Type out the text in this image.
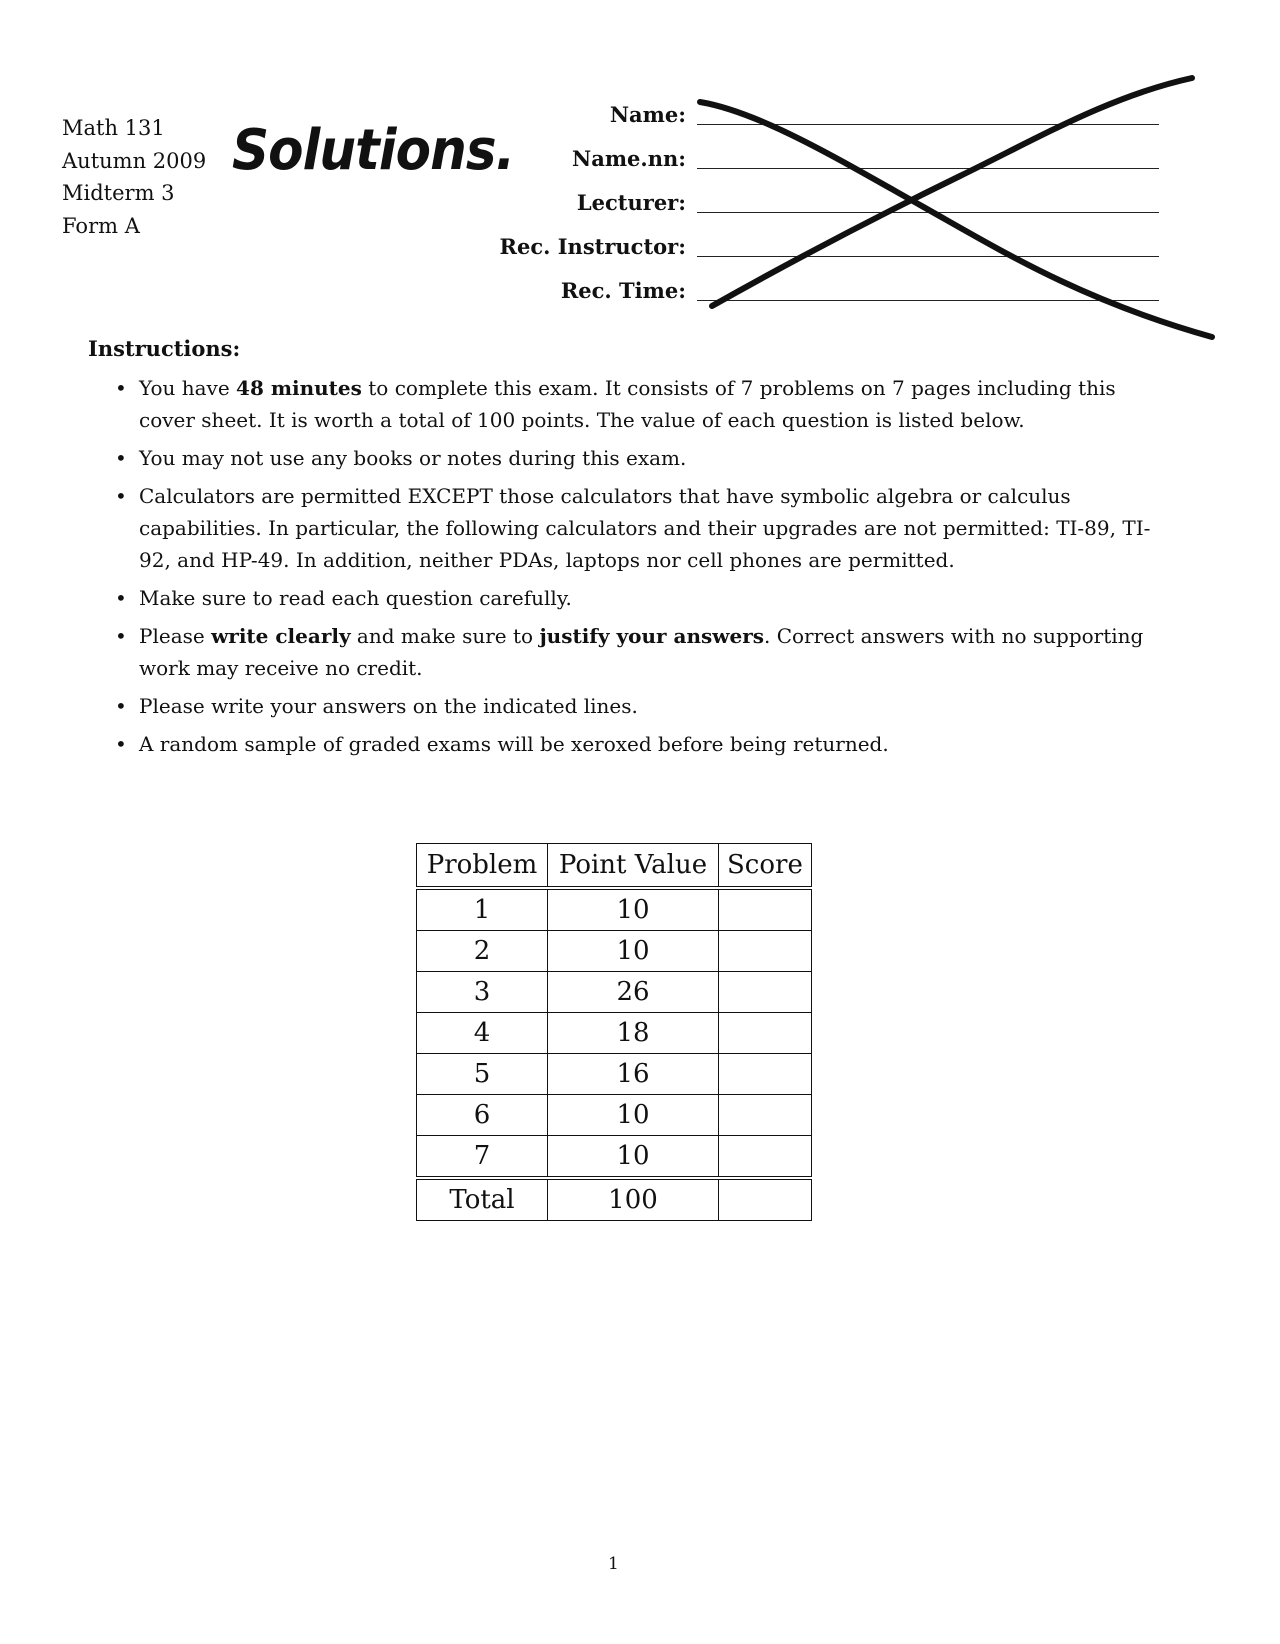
Math 131
Autumn 2009
Midterm 3
Form A
Solutions.
Name:
Name.nn:
Lecturer:
Rec. Instructor:
Rec. Time:
Instructions:
• You have 48 minutes to complete this exam. It consists of 7 problems on 7 pages including this cover sheet. It is worth a total of 100 points. The value of each question is listed below.
• You may not use any books or notes during this exam.
• Calculators are permitted EXCEPT those calculators that have symbolic algebra or calculus capabilities. In particular, the following calculators and their upgrades are not permitted: TI-89, TI-92, and HP-49. In addition, neither PDAs, laptops nor cell phones are permitted.
• Make sure to read each question carefully.
• Please write clearly and make sure to justify your answers. Correct answers with no supporting work may receive no credit.
• Please write your answers on the indicated lines.
• A random sample of graded exams will be xeroxed before being returned.
Problem	Point Value	Score
1	10	
2	10	
3	26	
4	18	
5	16	
6	10	
7	10	
Total	100	
1
